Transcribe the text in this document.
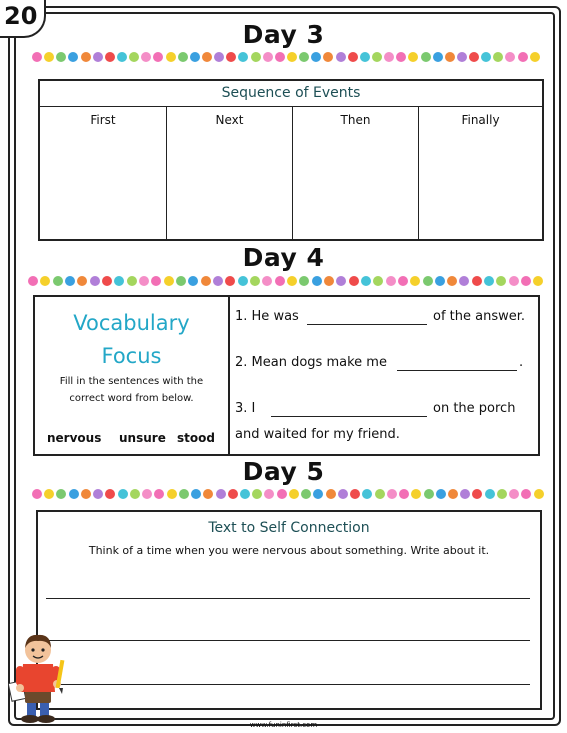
20
Day 3
Sequence of Events
First	Next	Then	Finally
Day 4
Vocabulary
Focus
Fill in the sentences with the
correct word from below.
nervous unsure stood
1. He was	of the answer.
2. Mean dogs make me	.
3. I	on the porch
and waited for my friend.
Day 5
Text to Self Connection
Think of a time when you were nervous about something. Write about it.
www.funinfirst.com
